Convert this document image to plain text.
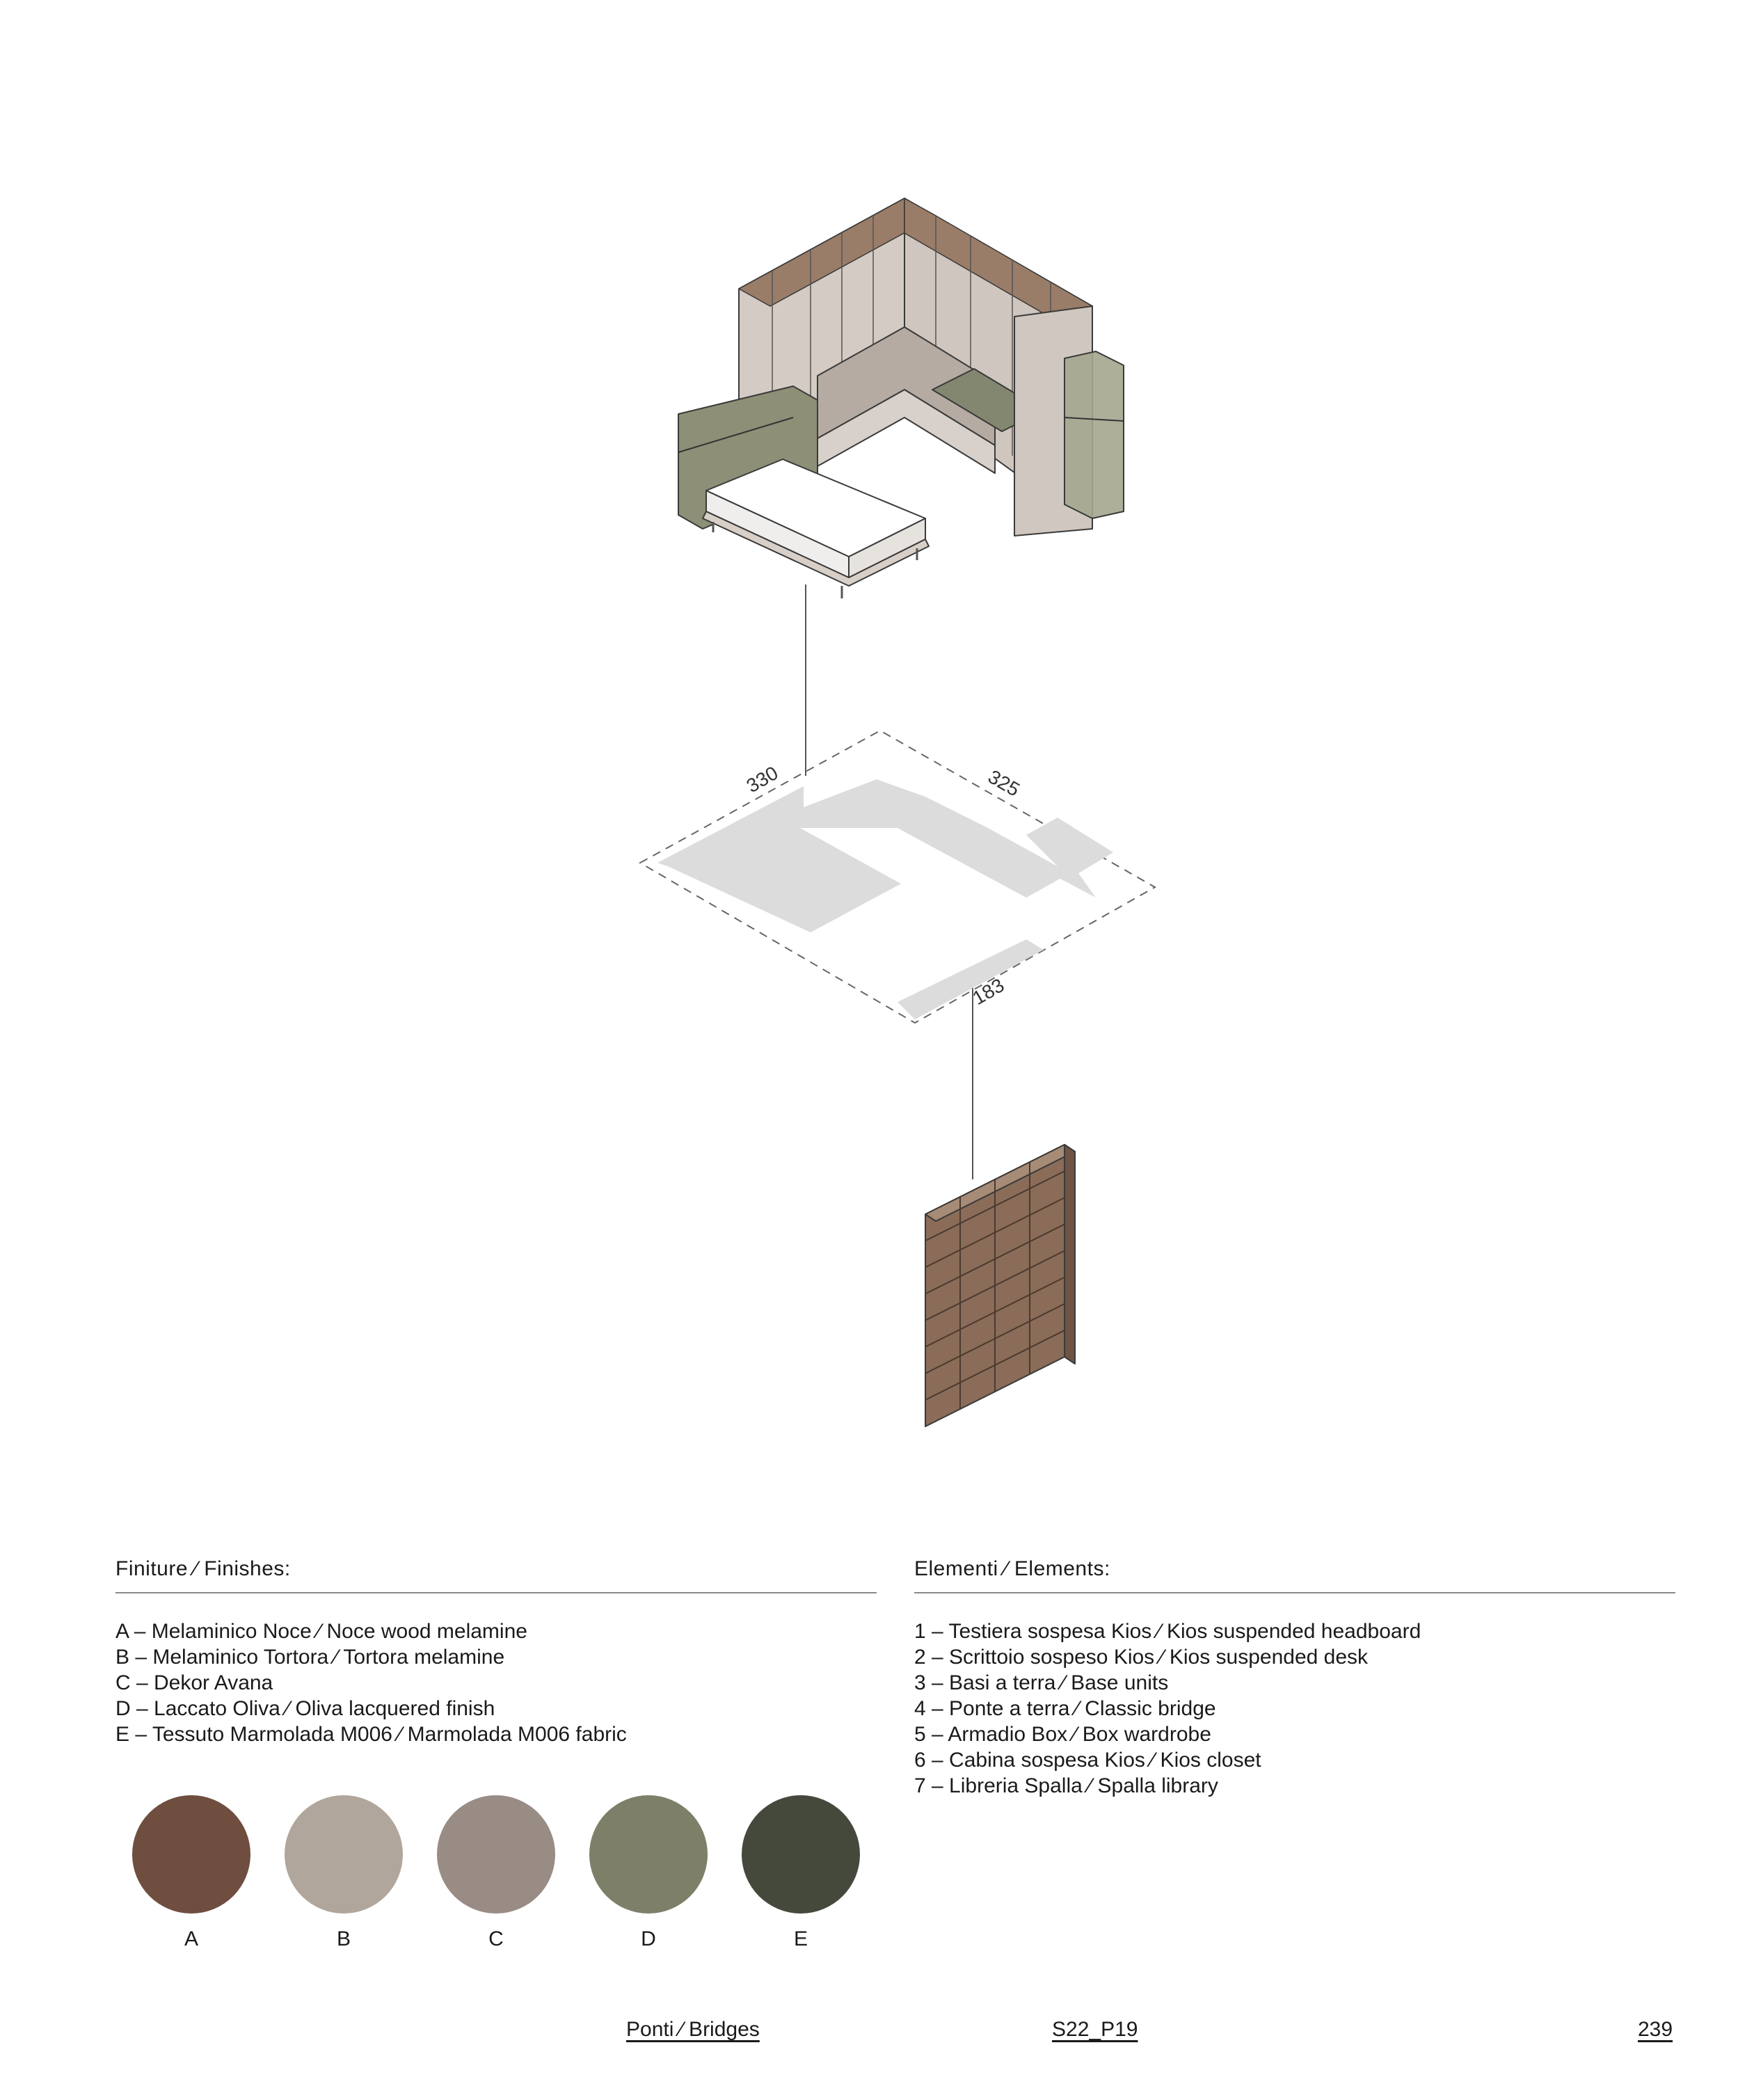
330	325
183
Finiture ⁄ Finishes:
A – Melaminico Noce ⁄ Noce wood melamine
B – Melaminico Tortora ⁄ Tortora melamine
C – Dekor Avana
D – Laccato Oliva ⁄ Oliva lacquered finish
E – Tessuto Marmolada M006 ⁄ Marmolada M006 fabric
A	B	C	D	E
Elementi ⁄ Elements:
1 – Testiera sospesa Kios ⁄ Kios suspended headboard
2 – Scrittoio sospeso Kios ⁄ Kios suspended desk
3 – Basi a terra ⁄ Base units
4 – Ponte a terra ⁄ Classic bridge
5 – Armadio Box ⁄ Box wardrobe
6 – Cabina sospesa Kios ⁄ Kios closet
7 – Libreria Spalla ⁄ Spalla library
Ponti ⁄ Bridges	S22_P19	239
